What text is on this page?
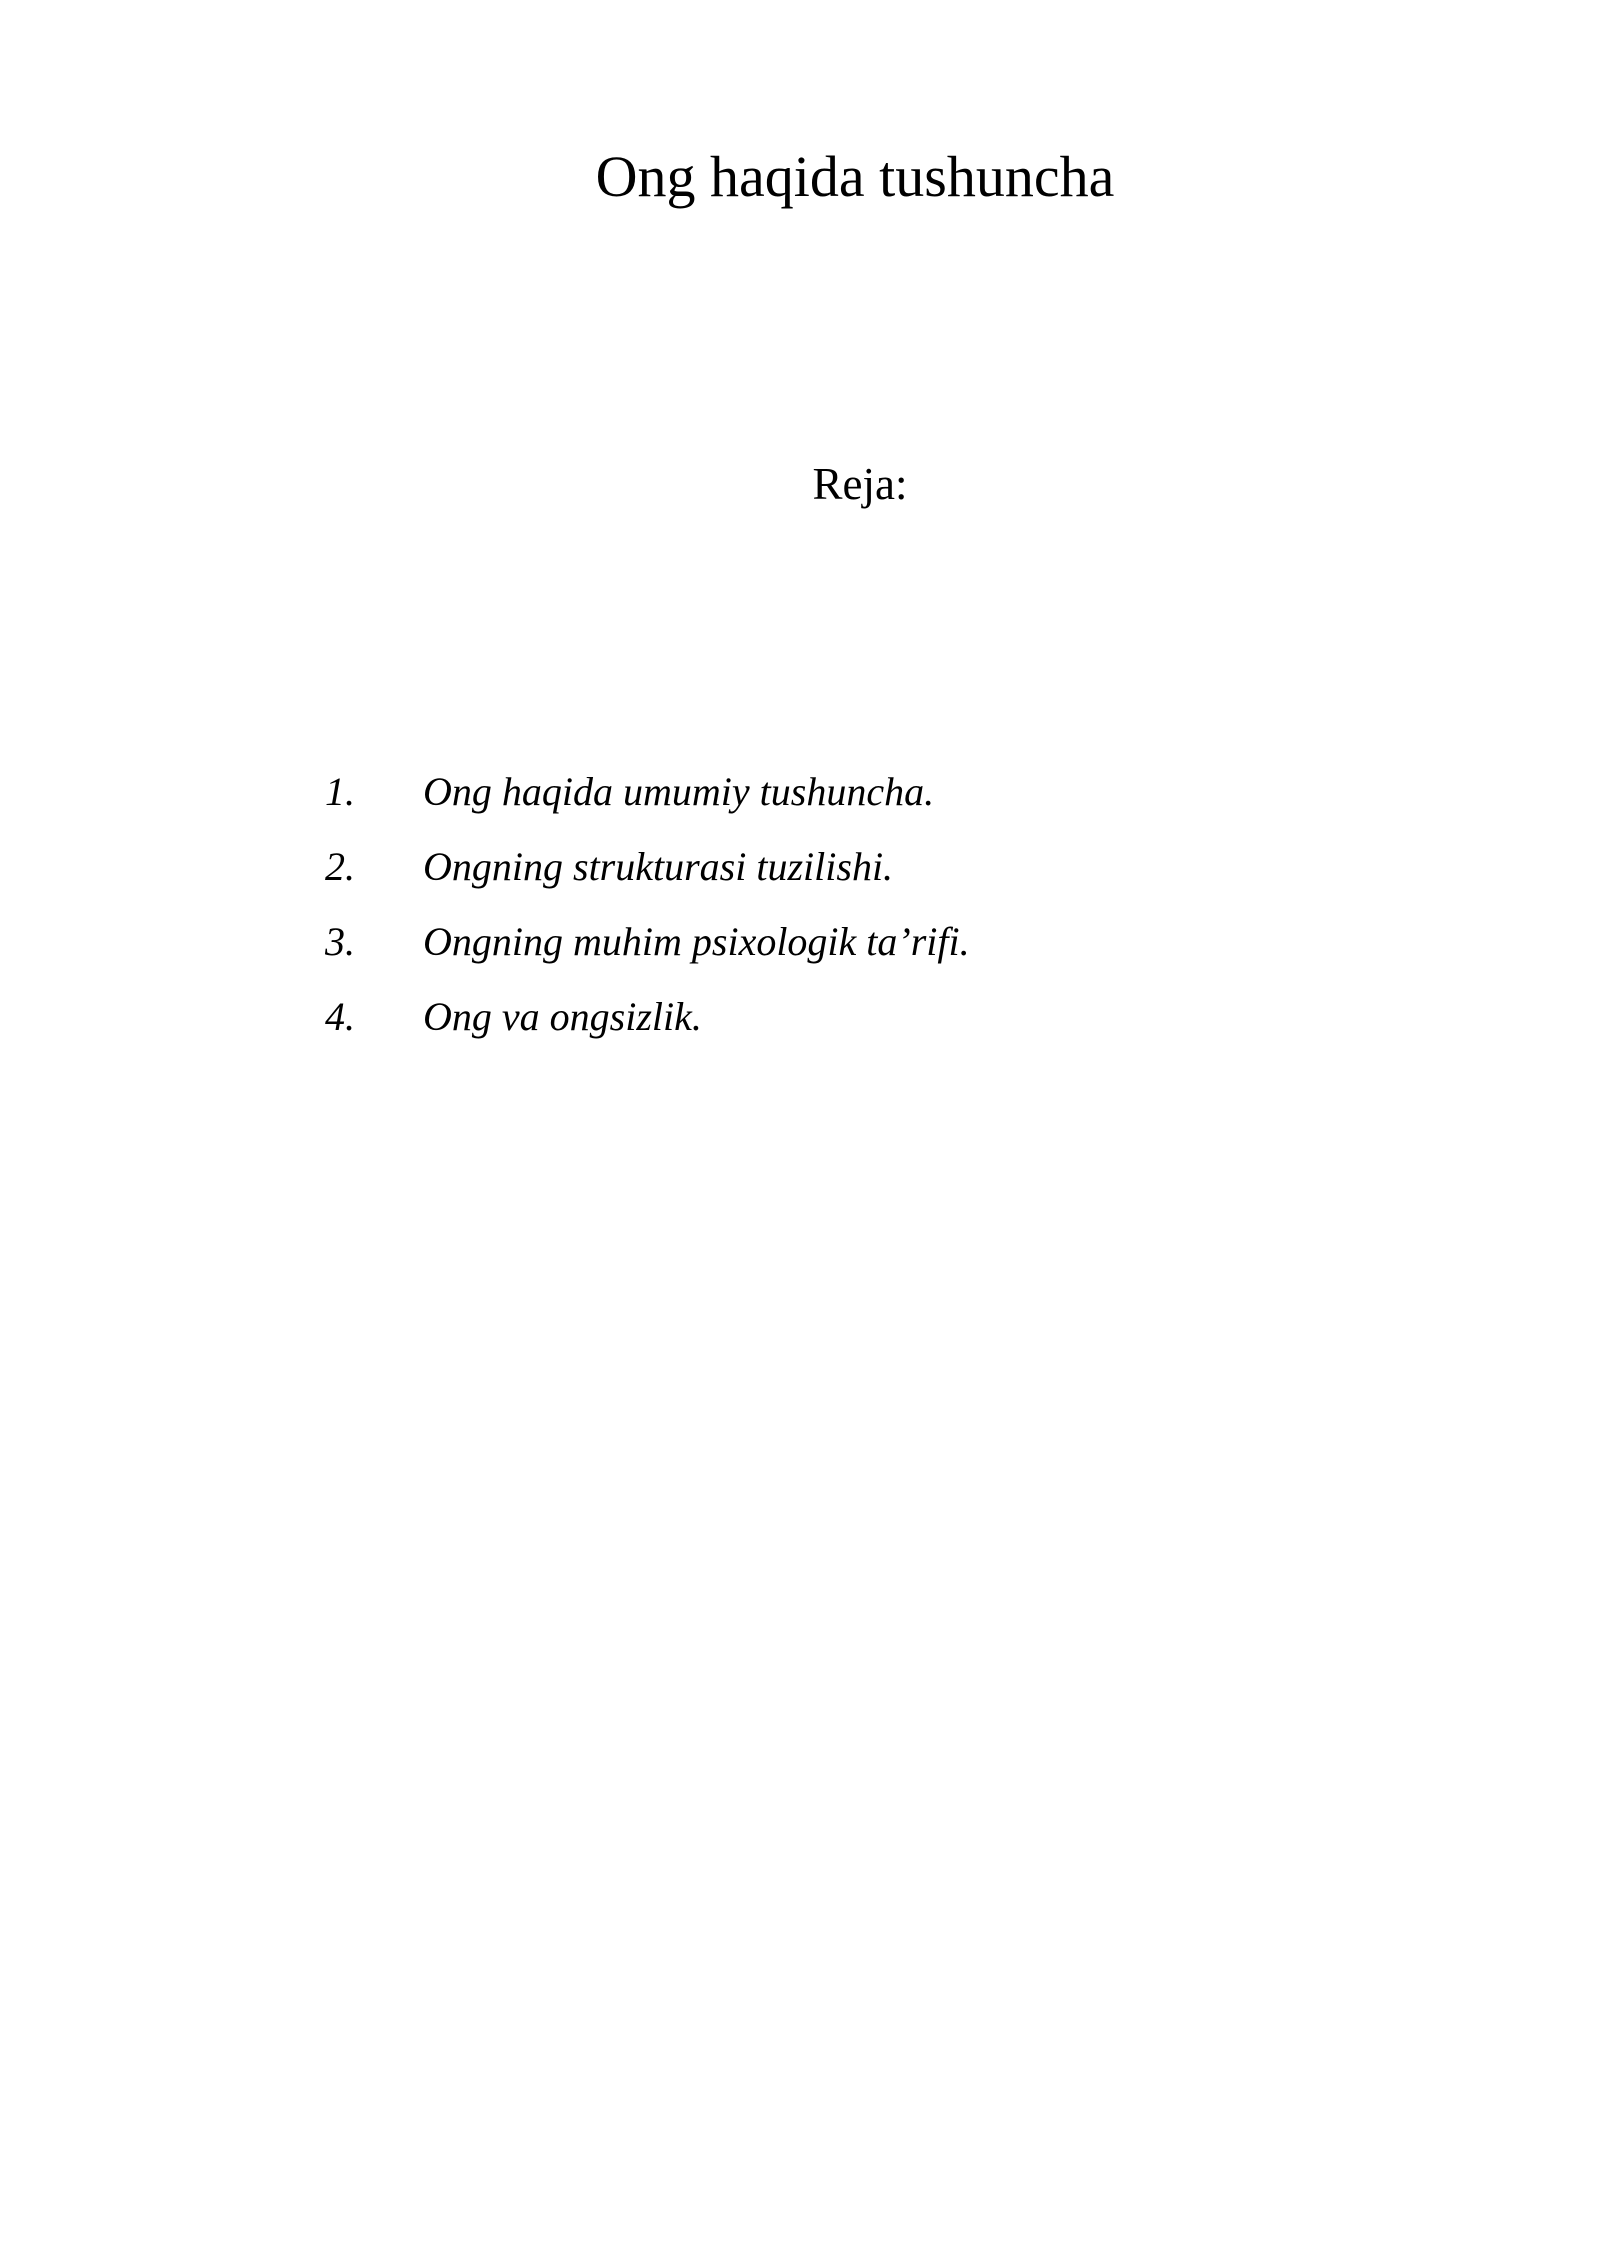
Ong haqida tushuncha
Reja:
1.	Ong haqida umumiy tushuncha.
2.	Ongning strukturasi tuzilishi.
3.	Ongning muhim psixologik ta’rifi.
4.	Ong va ongsizlik.
